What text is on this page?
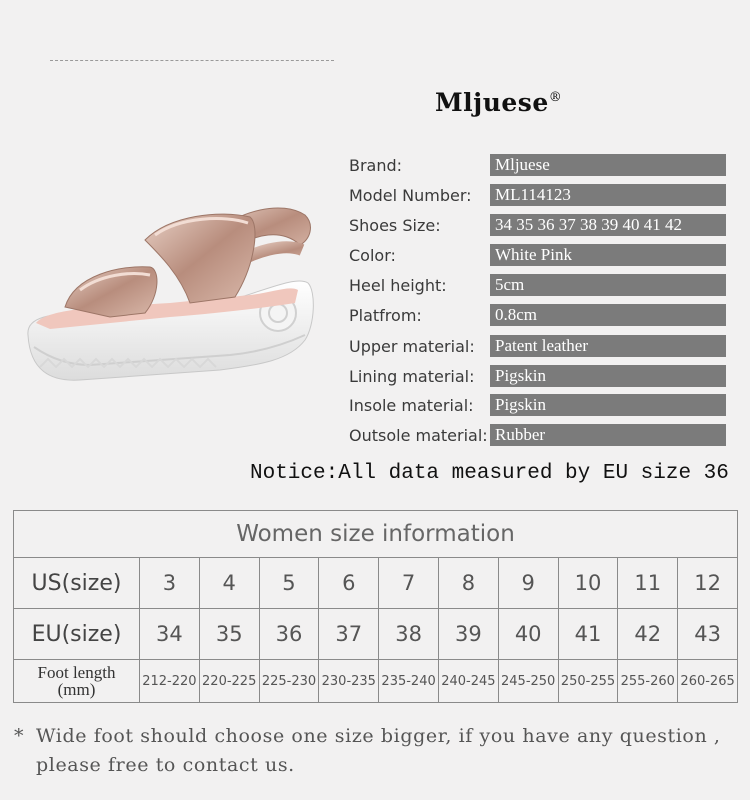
Mljuese®
Brand:	Mljuese
Model Number: ML114123
Shoes Size:	34 35 36 37 38 39 40 41 42
Color:	White Pink
Heel height:	5cm
Platfrom:	0.8cm
Upper material: Patent leather
Lining material: Pigskin
Insole material: Pigskin
Outsole material: Rubber
Notice:All data measured by EU size 36
Women size information										
US(size)	3	4	5	6	7	8	9	10	11	12
EU(size)	34	35	36	37	38	39	40	41	42	43

Foot length
(mm)	212-220	220-225	225-230	230-235	235-240	240-245	245-250	250-255	255-260	260-265
* Wide foot should choose one size bigger, if you have any question ,
please free to contact us.
